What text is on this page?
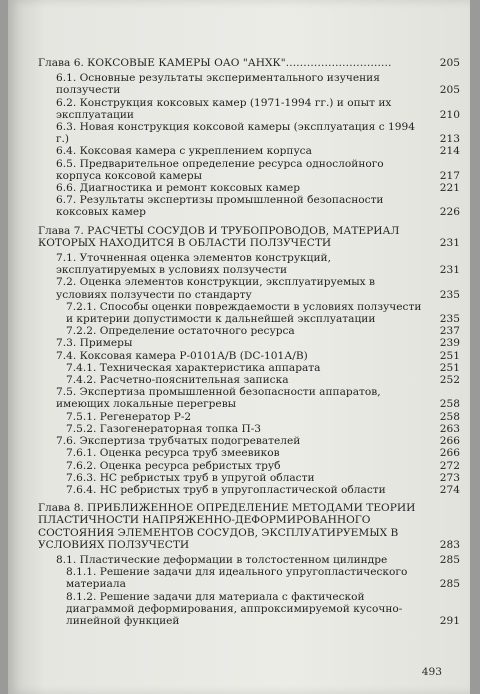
Глава 6. КОКСОВЫЕ КАМЕРЫ ОАО "АНХК"…………………………	205
6.1. Основные результаты экспериментального изучения ползучести	205
6.2. Конструкция коксовых камер (1971-1994 гг.) и опыт их эксплуатации	210
6.3. Новая конструкция коксовой камеры (эксплуатация с 1994 г.)	213
6.4. Коксовая камера с укреплением корпуса	214
6.5. Предварительное определение ресурса однослойного корпуса коксовой камеры	217
6.6. Диагностика и ремонт коксовых камер	221
6.7. Результаты экспертизы промышленной безопасности коксовых камер	226
Глава 7. РАСЧЕТЫ СОСУДОВ И ТРУБОПРОВОДОВ, МАТЕРИАЛ КОТОРЫХ НАХОДИТСЯ В ОБЛАСТИ ПОЛЗУЧЕСТИ	231
7.1. Уточненная оценка элементов конструкций, эксплуатируемых в условиях ползучести	231
7.2. Оценка элементов конструкции, эксплуатируемых в условиях ползучести по стандарту	235
7.2.1. Способы оценки повреждаемости в условиях ползучести и критерии допустимости к дальнейшей эксплуатации	235
7.2.2. Определение остаточного ресурса	237
7.3. Примеры	239
7.4. Коксовая камера Р-0101А/В (DC-101А/В)	251
7.4.1. Техническая характеристика аппарата	251
7.4.2. Расчетно-пояснительная записка	252
7.5. Экспертиза промышленной безопасности аппаратов, имеющих локальные перегревы	258
7.5.1. Регенератор Р-2	258
7.5.2. Газогенераторная топка П-3	263
7.6. Экспертиза трубчатых подогревателей	266
7.6.1. Оценка ресурса труб змеевиков	266
7.6.2. Оценка ресурса ребристых труб	272
7.6.3. НС ребристых труб в упругой области	273
7.6.4. НС ребристых труб в упругопластической области	274
Глава 8. ПРИБЛИЖЕННОЕ ОПРЕДЕЛЕНИЕ МЕТОДАМИ ТЕОРИИ ПЛАСТИЧНОСТИ НАПРЯЖЕННО-ДЕФОРМИРОВАННОГО СОСТОЯНИЯ ЭЛЕМЕНТОВ СОСУДОВ, ЭКСПЛУАТИРУЕМЫХ В УСЛОВИЯХ ПОЛЗУЧЕСТИ	283
8.1. Пластические деформации в толстостенном цилиндре	285
8.1.1. Решение задачи для идеального упругопластического материала	285
8.1.2. Решение задачи для материала с фактической диаграммой деформирования, аппроксимируемой кусочно-линейной функцией	291
493
